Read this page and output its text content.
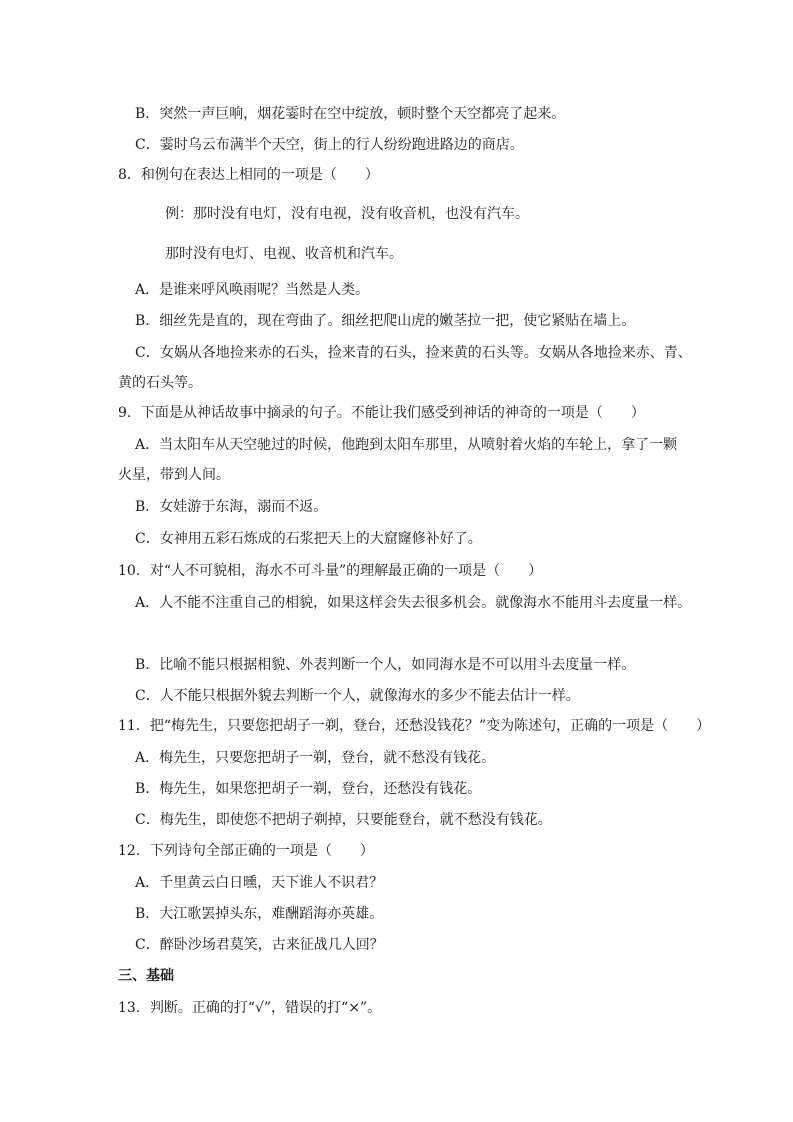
B．突然一声巨响，烟花霎时在空中绽放，顿时整个天空都亮了起来。
C．霎时乌云布满半个天空，街上的行人纷纷跑进路边的商店。
8．和例句在表达上相同的一项是（　　）
例：那时没有电灯，没有电视，没有收音机，也没有汽车。
那时没有电灯、电视、收音机和汽车。
A．是谁来呼风唤雨呢？当然是人类。
B．细丝先是直的，现在弯曲了。细丝把爬山虎的嫩茎拉一把，使它紧贴在墙上。
C．女娲从各地捡来赤的石头，捡来青的石头，捡来黄的石头等。女娲从各地捡来赤、青、
黄的石头等。
9．下面是从神话故事中摘录的句子。不能让我们感受到神话的神奇的一项是（　　）
A．当太阳车从天空驰过的时候，他跑到太阳车那里，从喷射着火焰的车轮上，拿了一颗
火星，带到人间。
B．女娃游于东海，溺而不返。
C．女神用五彩石炼成的石浆把天上的大窟窿修补好了。
10．对“人不可貌相，海水不可斗量”的理解最正确的一项是（　　）
A．人不能不注重自己的相貌，如果这样会失去很多机会。就像海水不能用斗去度量一样。
B．比喻不能只根据相貌、外表判断一个人，如同海水是不可以用斗去度量一样。
C．人不能只根据外貌去判断一个人，就像海水的多少不能去估计一样。
11．把“梅先生，只要您把胡子一剃，登台，还愁没钱花？”变为陈述句，正确的一项是（　　）
A．梅先生，只要您把胡子一剃，登台，就不愁没有钱花。
B．梅先生，如果您把胡子一剃，登台，还愁没有钱花。
C．梅先生，即使您不把胡子剃掉，只要能登台，就不愁没有钱花。
12．下列诗句全部正确的一项是（　　）
A．千里黄云白日曛，天下谁人不识君？
B．大江歌罢掉头东，难酬蹈海亦英雄。
C．醉卧沙场君莫笑，古来征战几人回？
三、基础
13．判断。正确的打“√”，错误的打“×”。
